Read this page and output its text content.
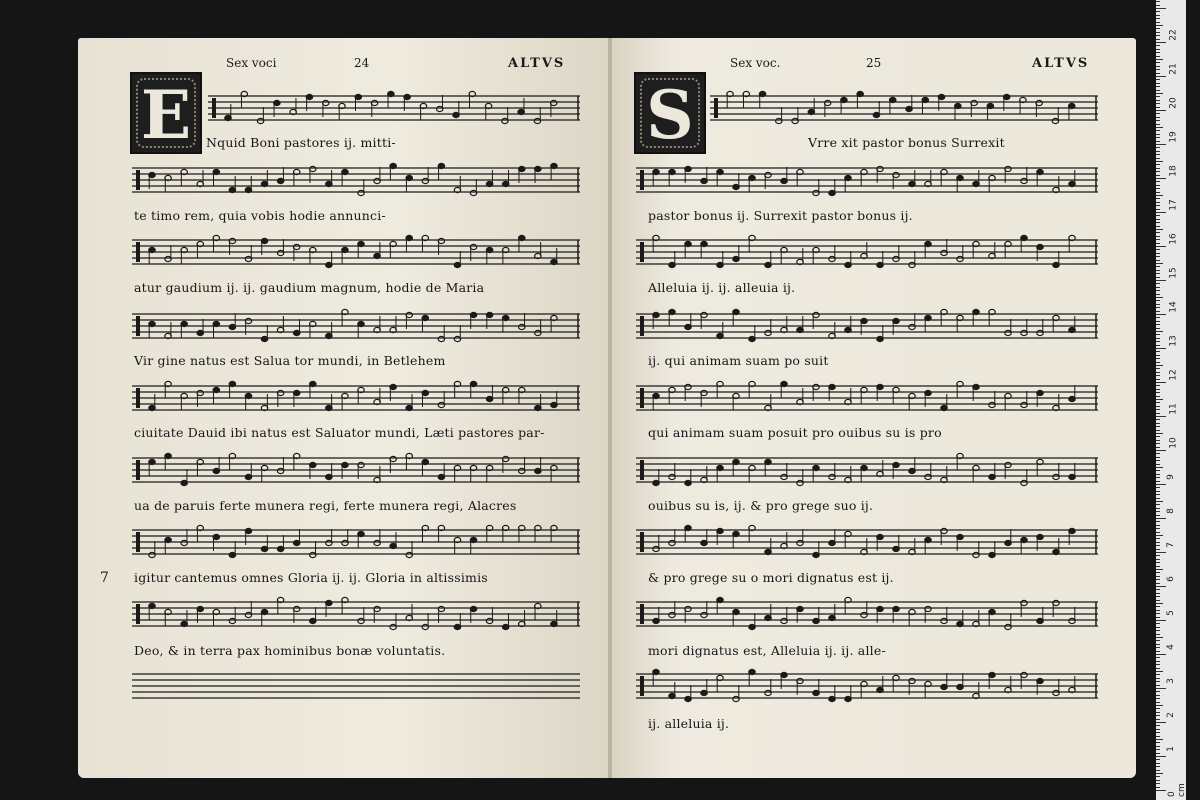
Sex voci	24	ALTVS
E	Nquid Boni pastores ij. mitti-
te timo rem, quia vobis hodie annunci-
atur gaudium ij. ij. gaudium magnum, hodie de Maria
Vir gine natus est Salua tor mundi, in Betlehem
ciuitate Dauid ibi natus est Saluator mundi, Læti pastores par-
ua de paruis ferte munera regi, ferte munera regi, Alacres
igitur cantemus omnes Gloria ij. ij. Gloria in altissimis
Deo, & in terra pax hominibus bonæ voluntatis.
Sex voc.	25	ALTVS
S	Vrre xit pastor bonus Surrexit
pastor bonus ij. Surrexit pastor bonus ij.
Alleluia ij. ij. alleuia ij.
ij. qui animam suam po suit
qui animam suam posuit pro ouibus su is pro
ouibus su is, ij. & pro grege suo ij.
& pro grege su o mori dignatus est ij.
mori dignatus est, Alleluia ij. ij. alle-
ij. alleluia ij.
7
0 cm
1
2
3
4
5
6
7
8
9
10
11
12
13
14
15
16
17
18
19
20
21
22
